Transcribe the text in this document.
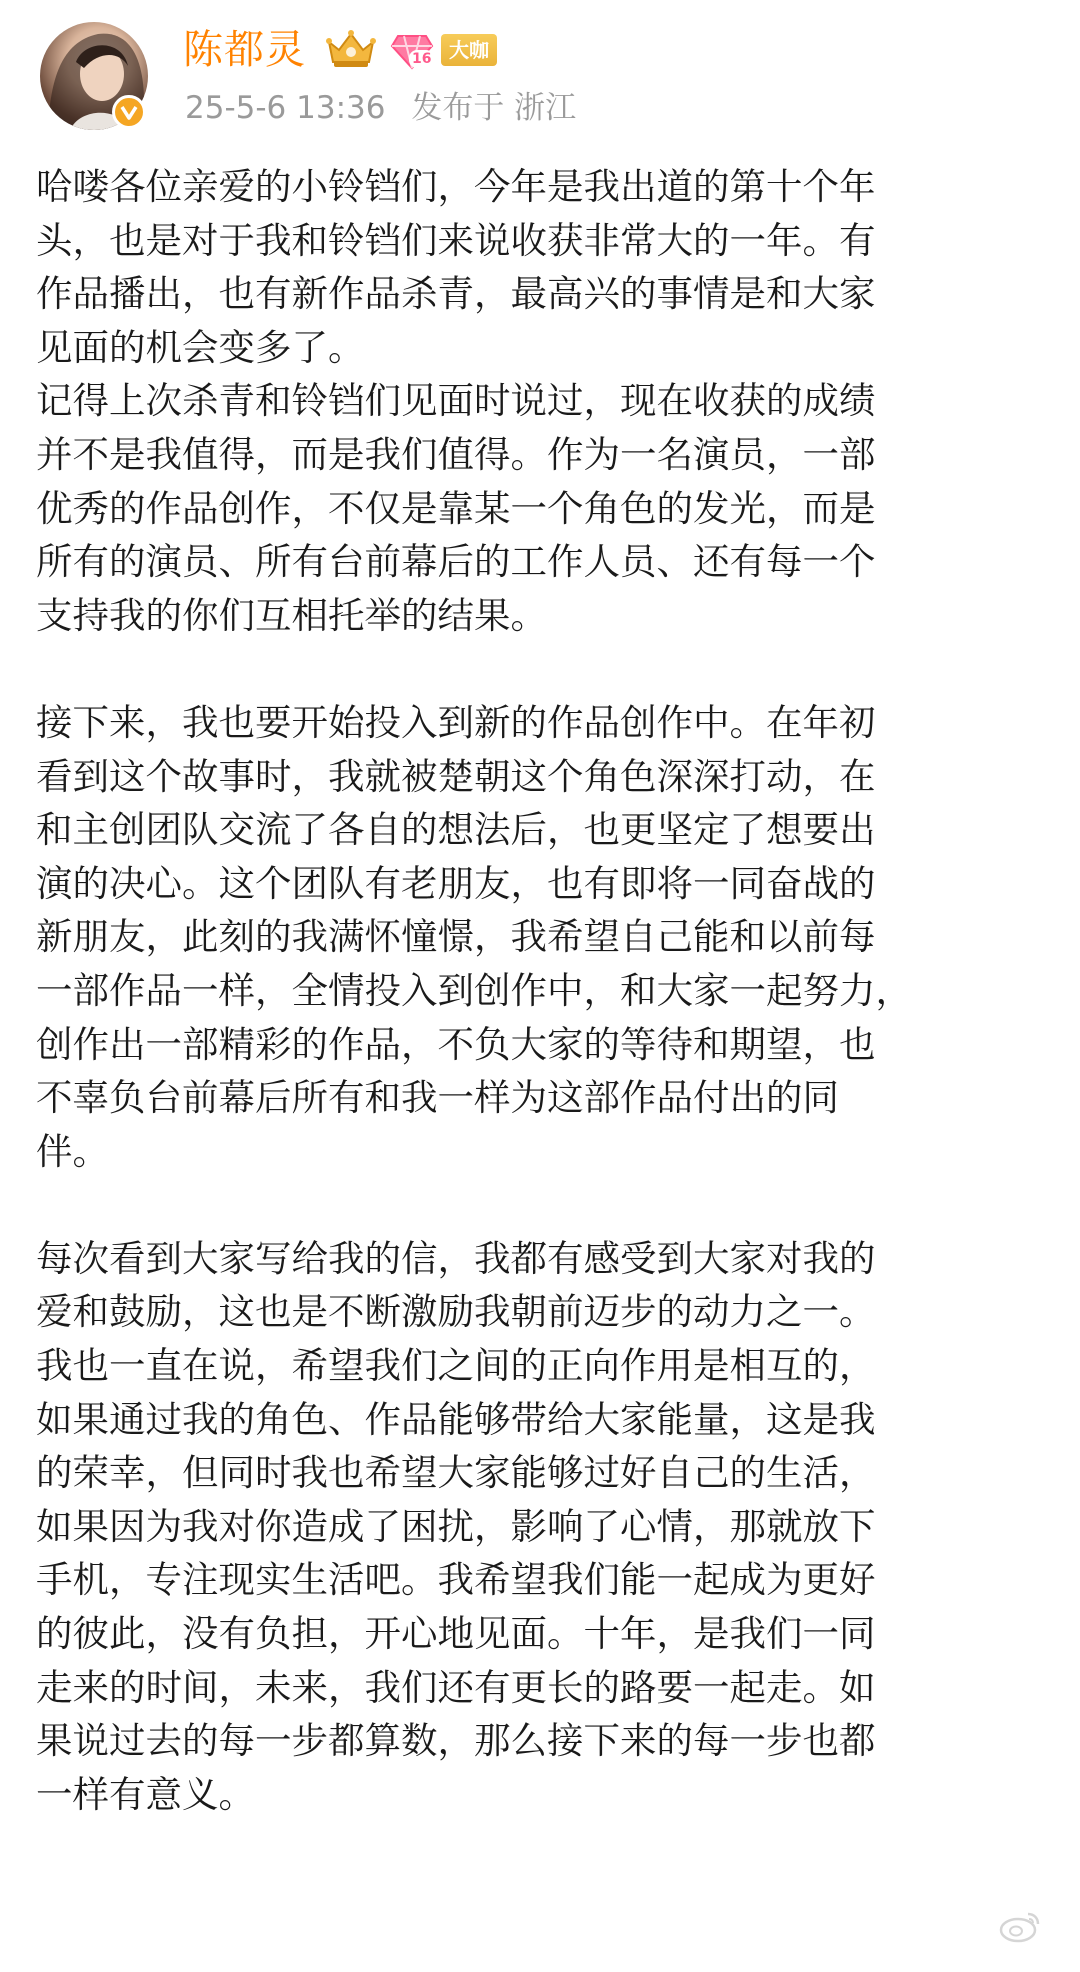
陈都灵	16 大咖
25-5-6 13:36 发布于 浙江

哈喽各位亲爱的小铃铛们，今年是我出道的第十个年
头，也是对于我和铃铛们来说收获非常大的一年。有
作品播出，也有新作品杀青，最高兴的事情是和大家
见面的机会变多了。

记得上次杀青和铃铛们见面时说过，现在收获的成绩
并不是我值得，而是我们值得。作为一名演员，一部
优秀的作品创作，不仅是靠某一个角色的发光，而是
所有的演员、所有台前幕后的工作人员、还有每一个
支持我的你们互相托举的结果。

接下来，我也要开始投入到新的作品创作中。在年初
看到这个故事时，我就被楚朝这个角色深深打动，在
和主创团队交流了各自的想法后，也更坚定了想要出
演的决心。这个团队有老朋友，也有即将一同奋战的
新朋友，此刻的我满怀憧憬，我希望自己能和以前每
一部作品一样，全情投入到创作中，和大家一起努力，
创作出一部精彩的作品，不负大家的等待和期望，也
不辜负台前幕后所有和我一样为这部作品付出的同
伴。

每次看到大家写给我的信，我都有感受到大家对我的
爱和鼓励，这也是不断激励我朝前迈步的动力之一。
我也一直在说，希望我们之间的正向作用是相互的，
如果通过我的角色、作品能够带给大家能量，这是我
的荣幸，但同时我也希望大家能够过好自己的生活，
如果因为我对你造成了困扰，影响了心情，那就放下
手机，专注现实生活吧。我希望我们能一起成为更好
的彼此，没有负担，开心地见面。十年，是我们一同
走来的时间，未来，我们还有更长的路要一起走。如
果说过去的每一步都算数，那么接下来的每一步也都
一样有意义。
